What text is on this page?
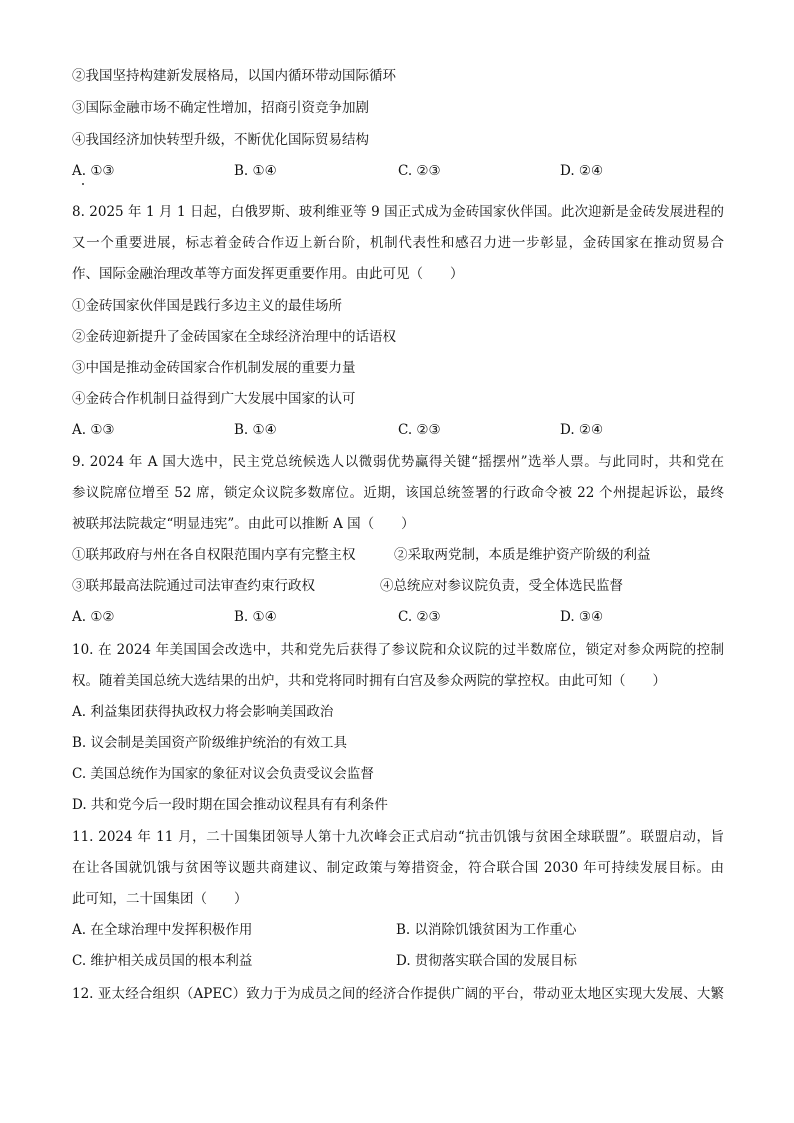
②我国坚持构建新发展格局，以国内循环带动国际循环
③国际金融市场不确定性增加，招商引资竞争加剧
④我国经济加快转型升级，不断优化国际贸易结构
A. ①③	B. ①④	C. ②③	D. ②④
8. 2025 年 1 月 1 日起，白俄罗斯、玻利维亚等 9 国正式成为金砖国家伙伴国。此次迎新是金砖发展进程的
又一个重要进展，标志着金砖合作迈上新台阶，机制代表性和感召力进一步彰显，金砖国家在推动贸易合
作、国际金融治理改革等方面发挥更重要作用。由此可见（　　）
①金砖国家伙伴国是践行多边主义的最佳场所
②金砖迎新提升了金砖国家在全球经济治理中的话语权
③中国是推动金砖国家合作机制发展的重要力量
④金砖合作机制日益得到广大发展中国家的认可
A. ①③	B. ①④	C. ②③	D. ②④
9. 2024 年 A 国大选中，民主党总统候选人以微弱优势赢得关键“摇摆州”选举人票。与此同时，共和党在
参议院席位增至 52 席，锁定众议院多数席位。近期，该国总统签署的行政命令被 22 个州提起诉讼，最终
被联邦法院裁定“明显违宪”。由此可以推断 A 国（　　）
①联邦政府与州在各自权限范围内享有完整主权	②采取两党制，本质是维护资产阶级的利益
③联邦最高法院通过司法审查约束行政权	④总统应对参议院负责，受全体选民监督
A. ①②	B. ①④	C. ②③	D. ③④
10. 在 2024 年美国国会改选中，共和党先后获得了参议院和众议院的过半数席位，锁定对参众两院的控制
权。随着美国总统大选结果的出炉，共和党将同时拥有白宫及参众两院的掌控权。由此可知（　　）
A. 利益集团获得执政权力将会影响美国政治
B. 议会制是美国资产阶级维护统治的有效工具
C. 美国总统作为国家的象征对议会负责受议会监督
D. 共和党今后一段时期在国会推动议程具有有利条件
11. 2024 年 11 月，二十国集团领导人第十九次峰会正式启动“抗击饥饿与贫困全球联盟”。联盟启动，旨
在让各国就饥饿与贫困等议题共商建议、制定政策与筹措资金，符合联合国 2030 年可持续发展目标。由
此可知，二十国集团（　　）
A. 在全球治理中发挥积极作用	B. 以消除饥饿贫困为工作重心
C. 维护相关成员国的根本利益	D. 贯彻落实联合国的发展目标
12. 亚太经合组织（APEC）致力于为成员之间的经济合作提供广阔的平台，带动亚太地区实现大发展、大繁
